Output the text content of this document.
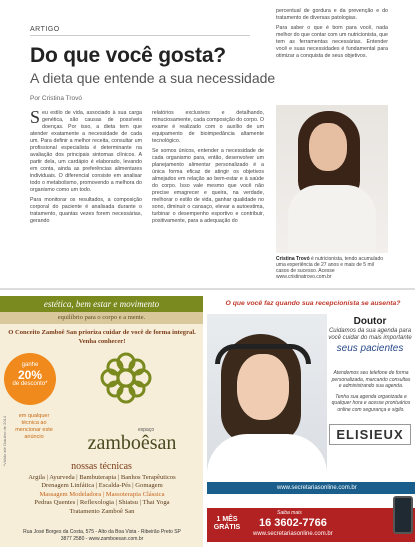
ARTIGO
Do que você gosta?
A dieta que entende a sua necessidade
Por Cristina Trovó

Seu estilo de vida, associado à sua carga genética, são causas de possíveis doenças. Por isso, a dieta tem que atender exatamente a necessidade de cada um. Para definir a melhor receita, consultar um profissional especialista é determinante na avaliação dos principais sintomas clínicos. A partir dela, um cardápio é elaborado, levando em conta, ainda as preferências alimentares individuais. O diferencial consiste em analisar todo o metabolismo, promovendo a melhora do organismo como um todo.

Para monitorar os resultados, a composição corporal do paciente é analisada durante o tratamento, quantas vezes forem necessárias, gerando

relatórios exclusivos e detalhando, minuciosamente, cada composição do corpo. O exame é realizado com o auxílio de um equipamento de bioimpedância altamente tecnológico.

Se somos únicos, entender a necessidade de cada organismo para, então, desenvolver um planejamento alimentar personalizado é a única forma eficaz de atingir os objetivos almejados em relação ao bem-estar e à saúde do corpo. Isso vale mesmo que você não precise emagrecer e queira, na verdade, melhorar o estilo de vida, ganhar qualidade no sono, diminuir o cansaço, elevar a autoestima, turbinar o desempenho esportivo e contribuir, positivamente, para a adequação do

percentual de gordura e da prevenção e do tratamento de diversas patologias.

Para saber o que é bom para você, nada melhor do que contar com um nutricionista, que tem as ferramentas necessárias. Entender você e suas necessidades é fundamental para otimizar a conquista de seus objetivos.

Cristina Trovó é nutricionista, tendo acumulado uma experiência de 27 anos e mais de 5 mil casos de sucesso. Acesse www.cristinatrovo.com.br
estética, bem estar e movimento
equilíbrio para o corpo e a mente.
O Conceito Zamboê San prioriza cuidar de você de forma integral. Venha conhecer!
ganhe
20%
de desconto*
*Válido até Outubro de 2014	em qualquer técnica ao mencionar este anúncio
espaço
zamboêsan
nossas técnicas
Argila | Ayurveda | Bambuterapia | Banhos Terapêuticos
Drenagem Linfática | Escalda-Pés | Gomagem
Massagem Modeladora | Massoterapia Clássica
Pedras Quentes | Reflexologia | Shiatsu | Thai Yoga
Tratamento Zamboê San
Rua José Borges da Costa, 575 - Alto da Boa Vista - Ribeirão Preto SP
3877 2580 - www.zamboesan.com.br
O que você faz quando sua recepcionista se ausenta?
Doutor
Cuidamos da sua agenda para você cuidar do mais importante
seus pacientes

Atendemos seu telefone de forma personalizada, marcando consultas e administrando sua agenda.

Tenha sua agenda organizada e qualquer hora e acesse prontuários online com segurança e sigilo.

ELISIEUX
www.secretariasonline.com.br
1 MÊS GRÁTIS
Saiba mais
16 3602-7766
www.secretariasonline.com.br
